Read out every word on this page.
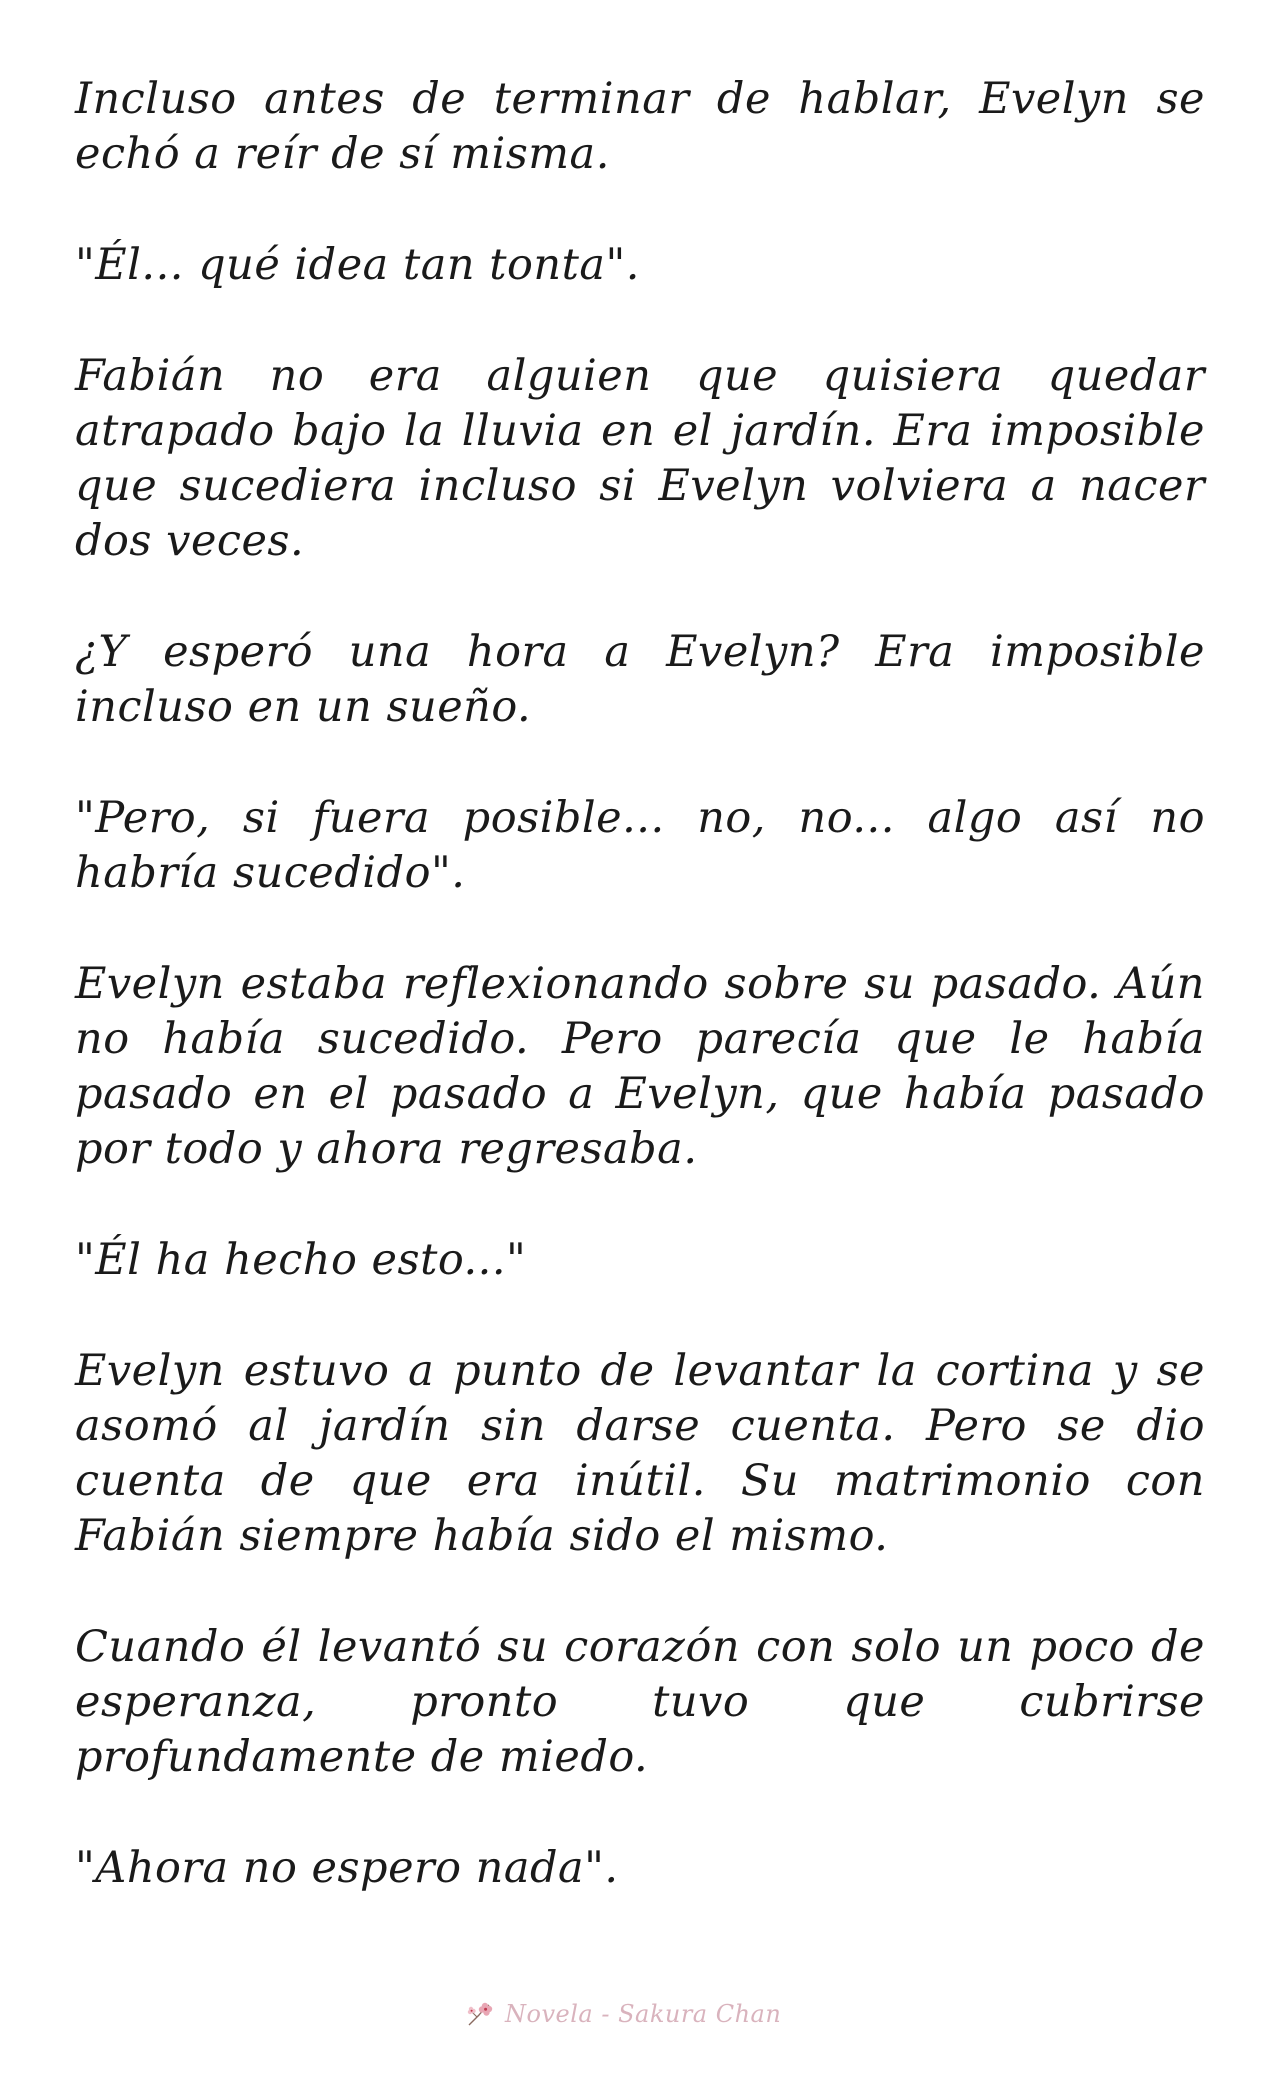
Incluso antes de terminar de hablar, Evelyn se echó a reír de sí misma.

"Él... qué idea tan tonta".

Fabián no era alguien que quisiera quedar atrapado bajo la lluvia en el jardín. Era imposible que sucediera incluso si Evelyn volviera a nacer dos veces.

¿Y esperó una hora a Evelyn? Era imposible incluso en un sueño.

"Pero, si fuera posible... no, no... algo así no habría sucedido".

Evelyn estaba reflexionando sobre su pasado. Aún no había sucedido. Pero parecía que le había pasado en el pasado a Evelyn, que había pasado por todo y ahora regresaba.

"Él ha hecho esto..."

Evelyn estuvo a punto de levantar la cortina y se asomó al jardín sin darse cuenta. Pero se dio cuenta de que era inútil. Su matrimonio con Fabián siempre había sido el mismo.

Cuando él levantó su corazón con solo un poco de esperanza, pronto tuvo que cubrirse profundamente de miedo.

"Ahora no espero nada".

Novela - Sakura Chan
